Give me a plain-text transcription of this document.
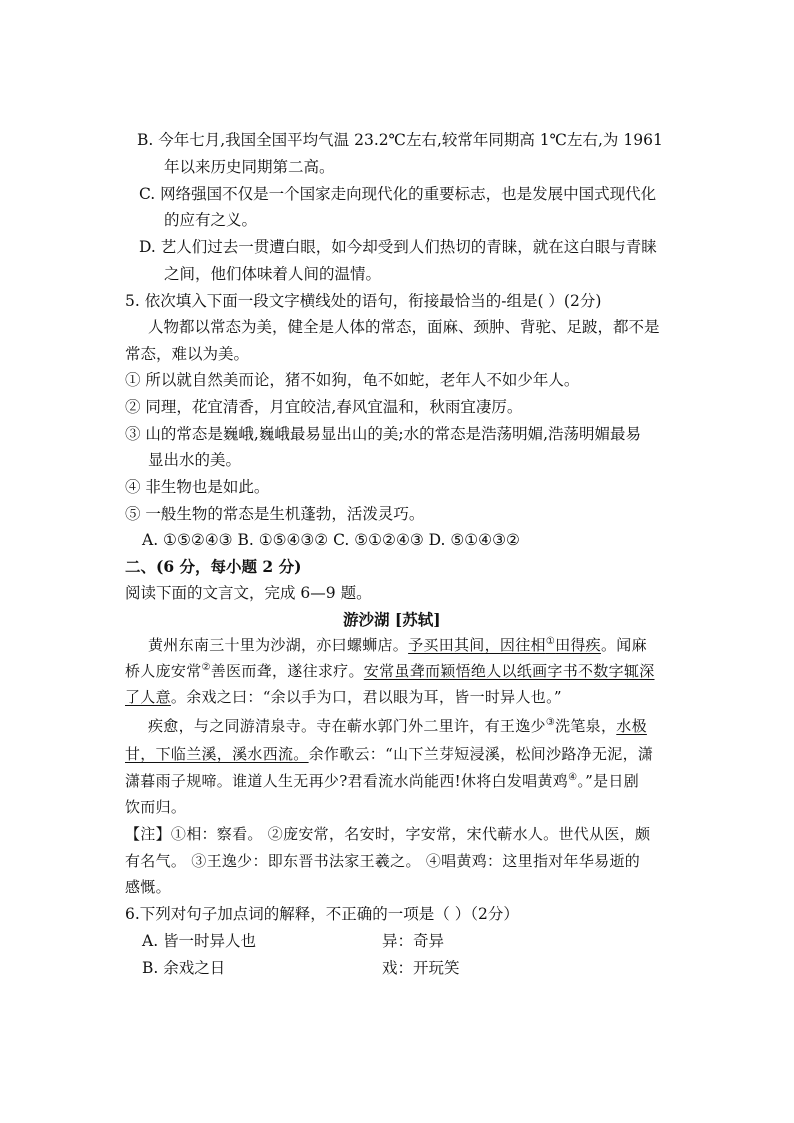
B. 今年七月,我国全国平均气温 23.2℃左右,较常年同期高 1℃左右,为 1961
年以来历史同期第二高。
C. 网络强国不仅是一个国家走向现代化的重要标志，也是发展中国式现代化
的应有之义。
D. 艺人们过去一贯遭白眼，如今却受到人们热切的青睐，就在这白眼与青睐
之间，他们体味着人间的温情。
5. 依次填入下面一段文字横线处的语句，衔接最恰当的-组是( ）(2分)
人物都以常态为美，健全是人体的常态，面麻、颈肿、背驼、足跛，都不是
常态，难以为美。
① 所以就自然美而论，猪不如狗，龟不如蛇，老年人不如少年人。
② 同理，花宜清香，月宜皎洁,春风宜温和，秋雨宜凄厉。
③ 山的常态是巍峨,巍峨最易显出山的美;水的常态是浩荡明媚,浩荡明媚最易
显出水的美。
④ 非生物也是如此。
⑤ 一般生物的常态是生机蓬勃，活泼灵巧。
A. ①⑤②④③ B. ①⑤④③② C. ⑤①②④③ D. ⑤①④③②
二、(6 分，每小题 2 分)
阅读下面的文言文，完成 6—9 题。
游沙湖 [苏轼]
黄州东南三十里为沙湖，亦曰螺蛳店。予买田其间，因往相①田得疾。闻麻
桥人庞安常②善医而聋，遂往求疗。安常虽聋而颖悟绝人以纸画字书不数字辄深
了人意。余戏之曰：“余以手为口，君以眼为耳，皆一时异人也。”
疾愈，与之同游清泉寺。寺在蕲水郭门外二里许，有王逸少③洗笔泉，水极
甘，下临兰溪，溪水西流。余作歌云：“山下兰芽短浸溪，松间沙路净无泥，潇
潇暮雨子规啼。谁道人生无再少?君看流水尚能西!休将白发唱黄鸡④。”是日剧
饮而归。
【注】①相：察看。 ②庞安常，名安时，字安常，宋代蕲水人。世代从医，颇
有名气。 ③王逸少：即东晋书法家王羲之。 ④唱黄鸡：这里指对年华易逝的
感慨。
6.下列对句子加点词的解释，不正确的一项是（ ）（2分）
A. 皆一时异人也	异：奇异
B. 余戏之日	戏：开玩笑
